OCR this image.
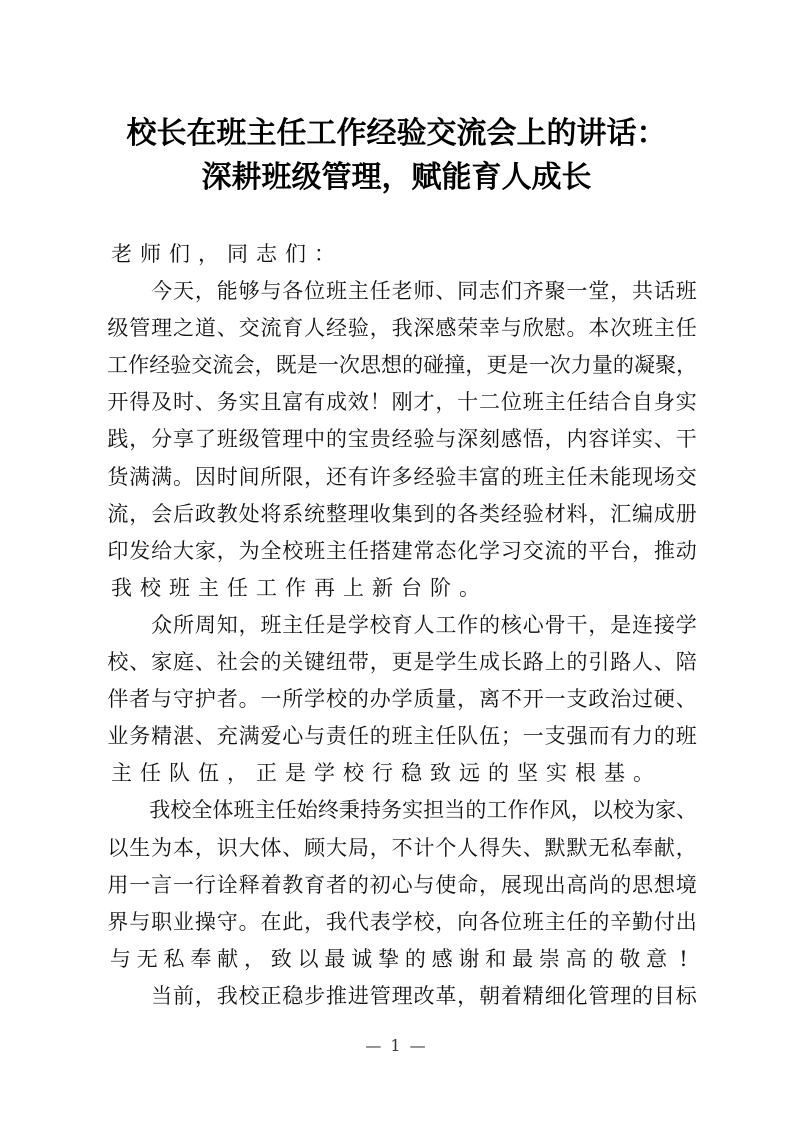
校长在班主任工作经验交流会上的讲话：
深耕班级管理，赋能育人成长
老 师 们 ， 同 志 们 ：

今 天 ， 能 够 与 各 位 班 主 任 老 师 、 同 志 们 齐 聚 一 堂 ， 共 话 班
级 管 理 之 道 、 交 流 育 人 经 验 ， 我 深 感 荣 幸 与 欣 慰 。 本 次 班 主 任
工 作 经 验 交 流 会 ， 既 是 一 次 思 想 的 碰 撞 ， 更 是 一 次 力 量 的 凝 聚 ，
开 得 及 时 、 务 实 且 富 有 成 效 ！ 刚 才 ， 十 二 位 班 主 任 结 合 自 身 实
践 ， 分 享 了 班 级 管 理 中 的 宝 贵 经 验 与 深 刻 感 悟 ， 内 容 详 实 、 干
货 满 满 。 因 时 间 所 限 ， 还 有 许 多 经 验 丰 富 的 班 主 任 未 能 现 场 交
流 ， 会 后 政 教 处 将 系 统 整 理 收 集 到 的 各 类 经 验 材 料 ， 汇 编 成 册
印 发 给 大 家 ， 为 全 校 班 主 任 搭 建 常 态 化 学 习 交 流 的 平 台 ， 推 动
我 校 班 主 任 工 作 再 上 新 台 阶 。

众 所 周 知 ， 班 主 任 是 学 校 育 人 工 作 的 核 心 骨 干 ， 是 连 接 学
校 、 家 庭 、 社 会 的 关 键 纽 带 ， 更 是 学 生 成 长 路 上 的 引 路 人 、 陪
伴 者 与 守 护 者 。 一 所 学 校 的 办 学 质 量 ， 离 不 开 一 支 政 治 过 硬 、
业 务 精 湛 、 充 满 爱 心 与 责 任 的 班 主 任 队 伍 ； 一 支 强 而 有 力 的 班
主 任 队 伍 ， 正 是 学 校 行 稳 致 远 的 坚 实 根 基 。

我 校 全 体 班 主 任 始 终 秉 持 务 实 担 当 的 工 作 作 风 ， 以 校 为 家 、
以 生 为 本 ， 识 大 体 、 顾 大 局 ， 不 计 个 人 得 失 、 默 默 无 私 奉 献 ，
用 一 言 一 行 诠 释 着 教 育 者 的 初 心 与 使 命 ， 展 现 出 高 尚 的 思 想 境
界 与 职 业 操 守 。 在 此 ， 我 代 表 学 校 ， 向 各 位 班 主 任 的 辛 勤 付 出
与 无 私 奉 献 ， 致 以 最 诚 挚 的 感 谢 和 最 崇 高 的 敬 意 !

当 前 ， 我 校 正 稳 步 推 进 管 理 改 革 ， 朝 着 精 细 化 管 理 的 目 标
— 1 —
